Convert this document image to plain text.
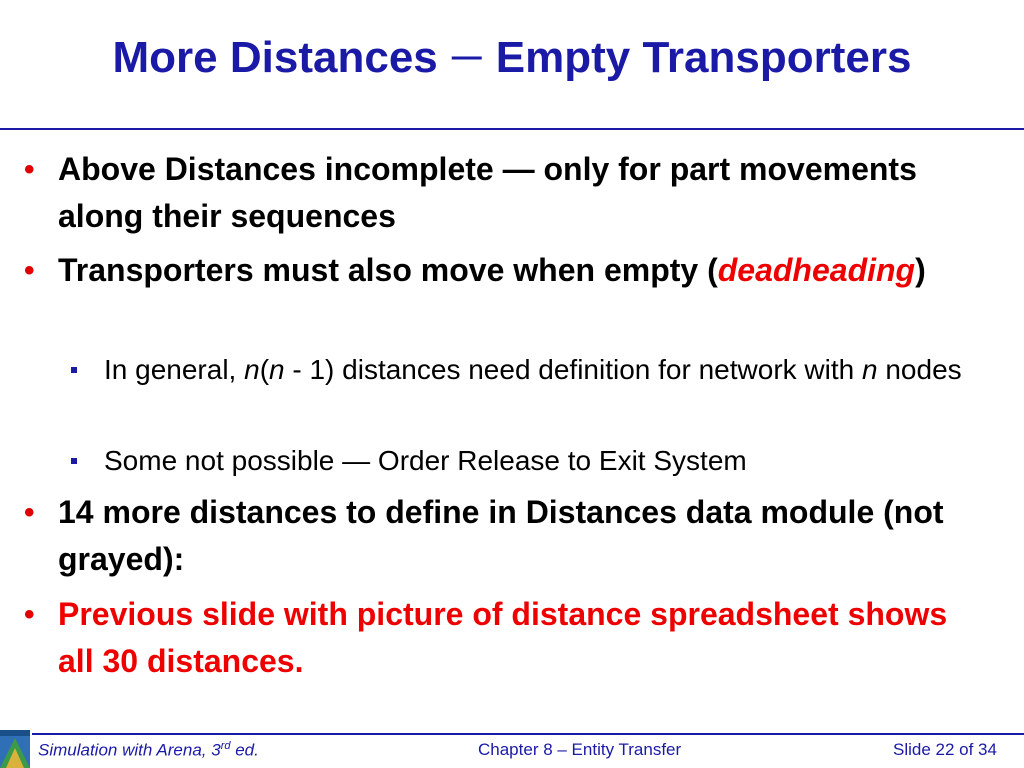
More Distances — Empty Transporters
• Above Distances incomplete — only for part movements along their sequences
• Transporters must also move when empty (deadheading)
In general, n(n - 1) distances need definition for network with n nodes
Some not possible — Order Release to Exit System
• 14 more distances to define in Distances data module (not grayed):
• Previous slide with picture of distance spreadsheet shows all 30 distances.
Simulation with Arena, 3rd ed.	Chapter 8 – Entity Transfer	Slide 22 of 34
